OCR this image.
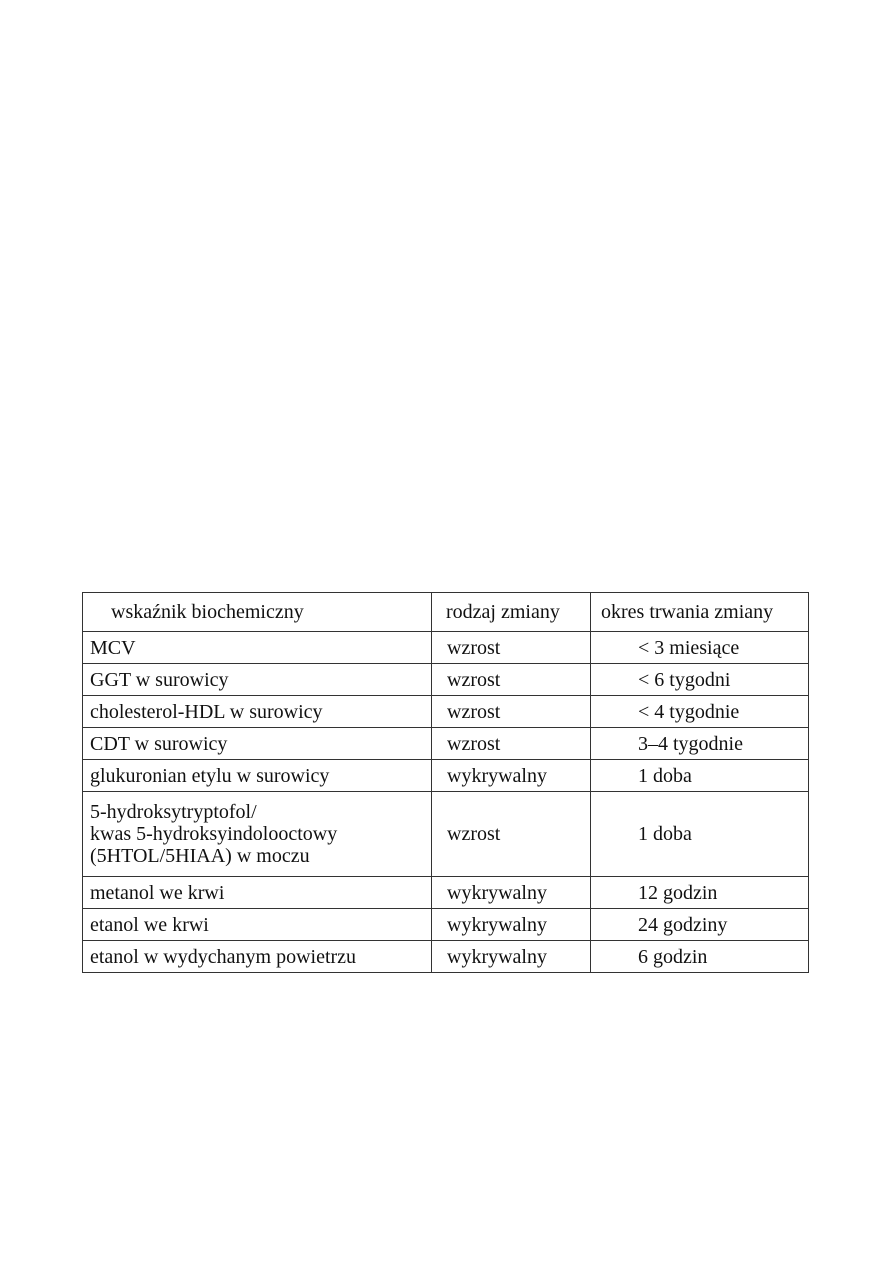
wskaźnik biochemiczny	rodzaj zmiany	okres trwania zmiany

MCV	wzrost	< 3 miesiące

GGT w surowicy	wzrost	< 6 tygodni

cholesterol-HDL w surowicy	wzrost	< 4 tygodnie

CDT w surowicy	wzrost	3–4 tygodnie

glukuronian etylu w surowicy	wykrywalny	1 doba

5-hydroksytryptofol/
kwas 5-hydroksyindolooctowy
(5HTOL/5HIAA) w moczu	wzrost	1 doba

metanol we krwi	wykrywalny	12 godzin

etanol we krwi	wykrywalny	24 godziny

etanol w wydychanym powietrzu	wykrywalny	6 godzin
